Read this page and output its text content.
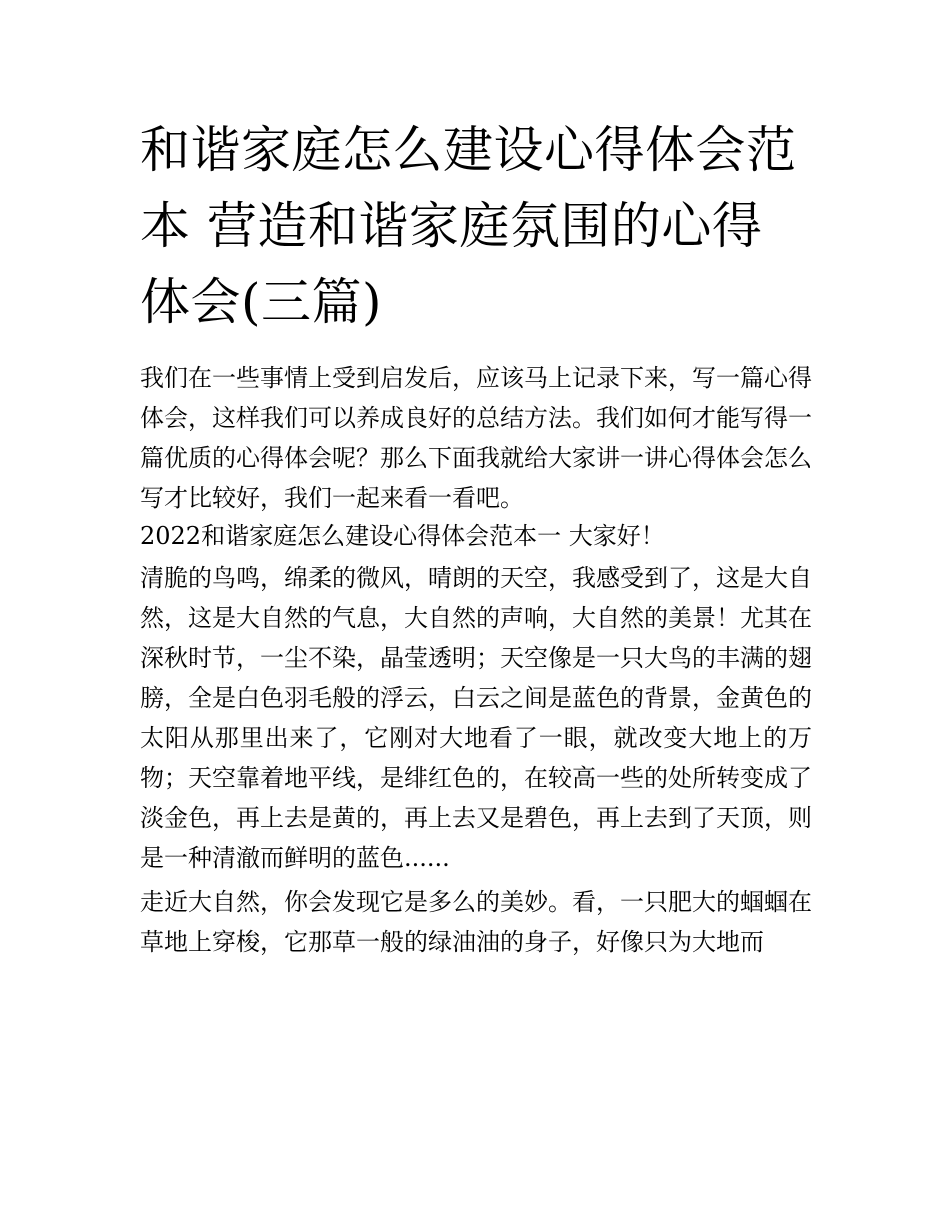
和谐家庭怎么建设心得体会范本 营造和谐家庭氛围的心得体会(三篇)

我们在一些事情上受到启发后，应该马上记录下来，写一篇心得体会，这样我们可以养成良好的总结方法。我们如何才能写得一篇优质的心得体会呢？那么下面我就给大家讲一讲心得体会怎么写才比较好，我们一起来看一看吧。

2022和谐家庭怎么建设心得体会范本一 大家好！

清脆的鸟鸣，绵柔的微风，晴朗的天空，我感受到了，这是大自然，这是大自然的气息，大自然的声响，大自然的美景！尤其在深秋时节，一尘不染，晶莹透明；天空像是一只大鸟的丰满的翅膀，全是白色羽毛般的浮云，白云之间是蓝色的背景，金黄色的太阳从那里出来了，它刚对大地看了一眼，就改变大地上的万物；天空靠着地平线，是绯红色的，在较高一些的处所转变成了淡金色，再上去是黄的，再上去又是碧色，再上去到了天顶，则是一种清澈而鲜明的蓝色......

走近大自然，你会发现它是多么的美妙。看，一只肥大的蝈蝈在草地上穿梭，它那草一般的绿油油的身子，好像只为大地而
